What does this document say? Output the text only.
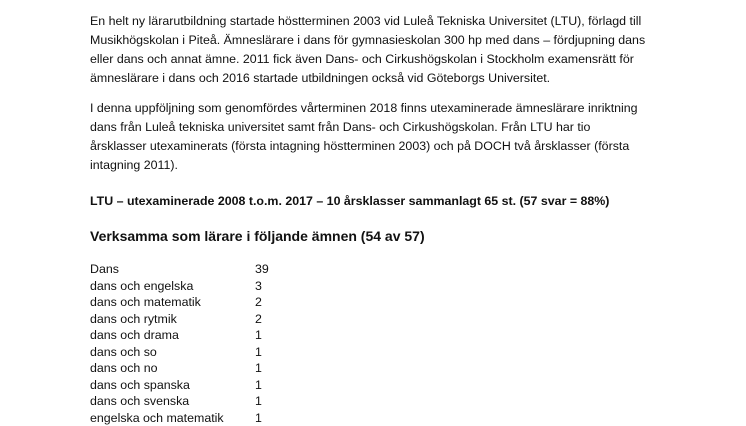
En helt ny lärarutbildning startade höstterminen 2003 vid Luleå Tekniska Universitet (LTU), förlagd till Musikhögskolan i Piteå. Ämneslärare i dans för gymnasieskolan 300 hp med dans – fördjupning dans eller dans och annat ämne. 2011 fick även Dans- och Cirkushögskolan i Stockholm examensrätt för ämneslärare i dans och 2016 startade utbildningen också vid Göteborgs Universitet.

I denna uppföljning som genomfördes vårterminen 2018 finns utexaminerade ämneslärare inriktning dans från Luleå tekniska universitet samt från Dans- och Cirkushögskolan. Från LTU har tio årsklasser utexaminerats (första intagning höstterminen 2003) och på DOCH två årsklasser (första intagning 2011).

LTU – utexaminerade 2008 t.o.m. 2017 – 10 årsklasser sammanlagt 65 st. (57 svar = 88%)

Verksamma som lärare i följande ämnen (54 av 57)
Dans	39
dans och engelska	3
dans och matematik	2
dans och rytmik	2
dans och drama	1
dans och so	1
dans och no	1
dans och spanska	1
dans och svenska	1
engelska och matematik	1
